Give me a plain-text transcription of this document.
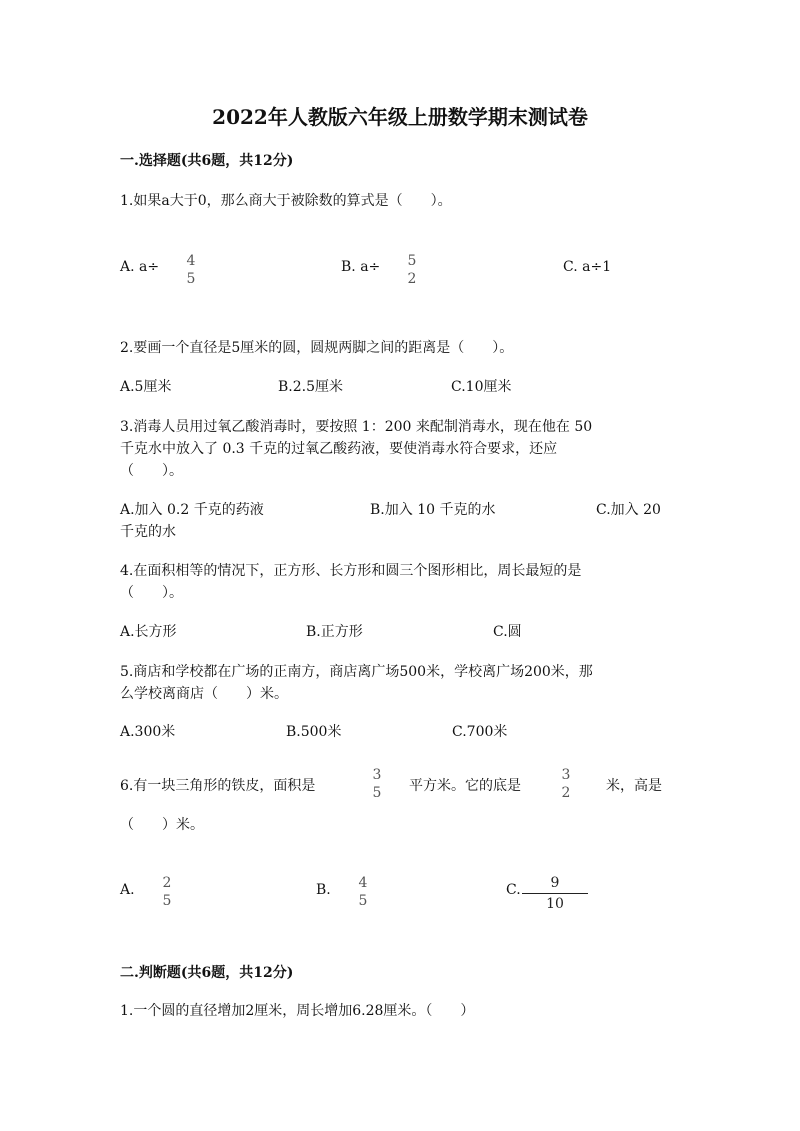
2022年人教版六年级上册数学期末测试卷
一.选择题(共6题，共12分)
1.如果a大于0，那么商大于被除数的算式是（　　）。
A. a÷	4
5
B. a÷	5
2
C. a÷1
2.要画一个直径是5厘米的圆，圆规两脚之间的距离是（　　）。
A.5厘米	B.2.5厘米	C.10厘米
3.消毒人员用过氧乙酸消毒时，要按照 1：200 来配制消毒水，现在他在 50
千克水中放入了 0.3 千克的过氧乙酸药液，要使消毒水符合要求，还应
（　　）。
A.加入 0.2 千克的药液	B.加入 10 千克的水	C.加入 20
千克的水
4.在面积相等的情况下，正方形、长方形和圆三个图形相比，周长最短的是
（　　）。
A.长方形	B.正方形	C.圆
5.商店和学校都在广场的正南方，商店离广场500米，学校离广场200米，那
么学校离商店（　　）米。
A.300米	B.500米	C.700米
6.有一块三角形的铁皮，面积是
3
5	平方米。它的底是
3
2	米，高是
（　　）米。
A.	2
5
B.	4
5
C.	9
10
二.判断题(共6题，共12分)
1.一个圆的直径增加2厘米，周长增加6.28厘米。（　　）
